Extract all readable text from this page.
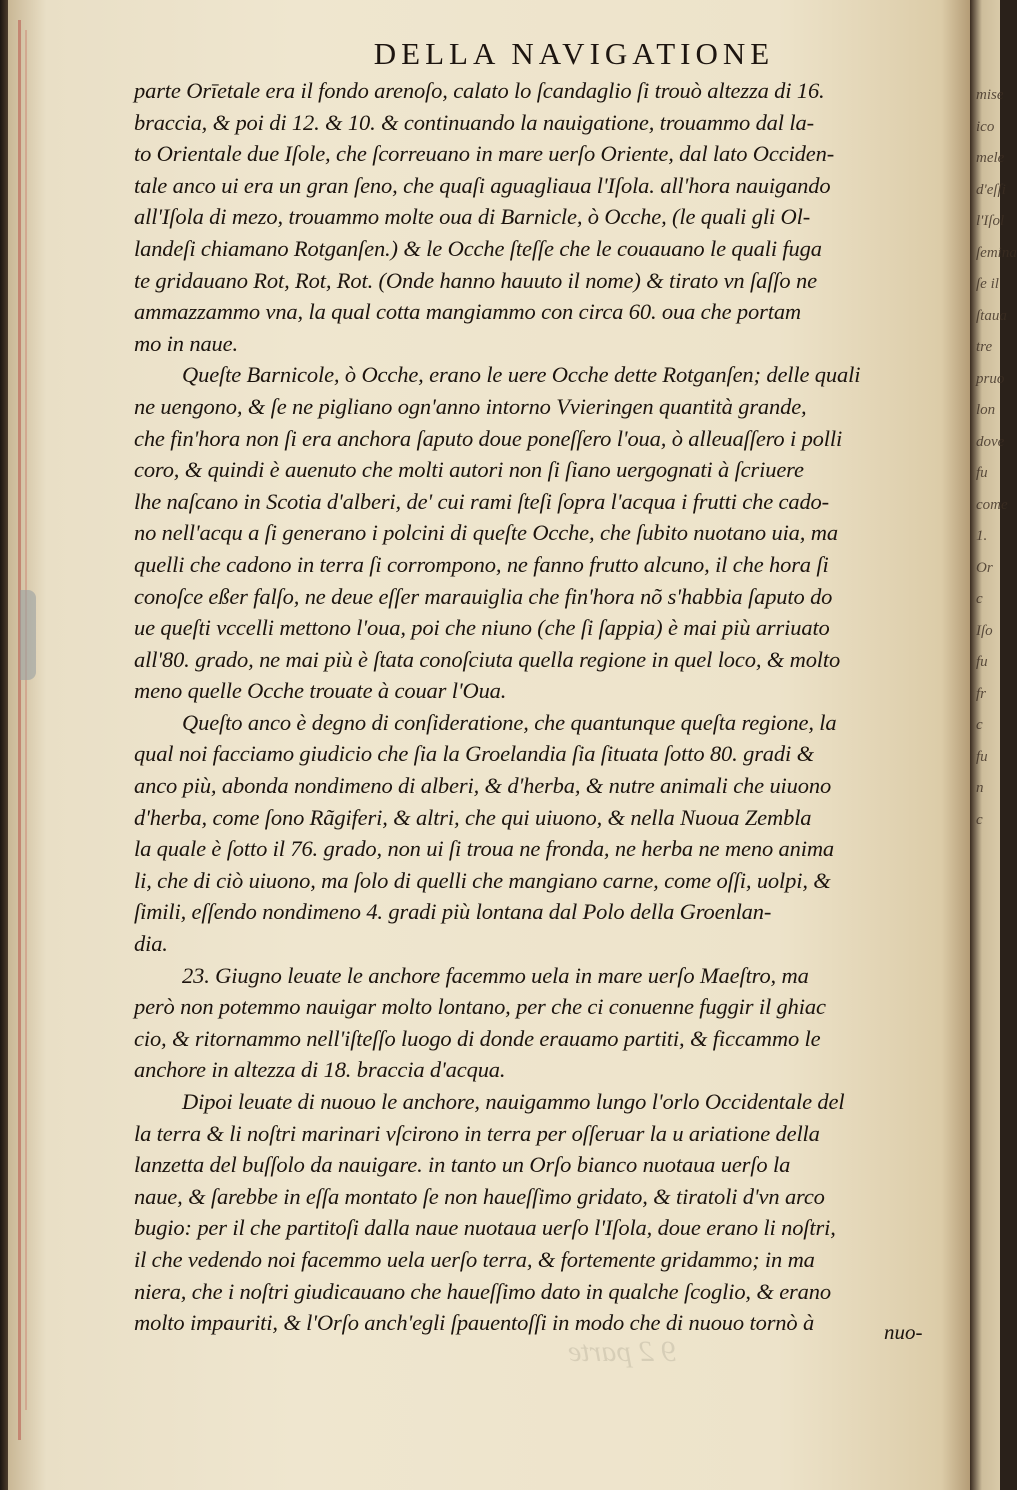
DELLA NAVIGATIONE
parte Orīetale era il fondo arenoſo, calato lo ſcandaglio ſi trouò altezza di 16.
braccia, & poi di 12. & 10. & continuando la nauigatione, trouammo dal la-
to Orientale due Iſole, che ſcorreuano in mare uerſo Oriente, dal lato Occiden-
tale anco ui era un gran ſeno, che quaſi aguagliaua l'Iſola. all'hora nauigando
all'Iſola di mezo, trouammo molte oua di Barnicle, ò Ocche, (le quali gli Ol-
landeſi chiamano Rotganſen.) & le Ocche ſteſſe che le couauano le quali fuga
te gridauano Rot, Rot, Rot. (Onde hanno hauuto il nome) & tirato vn ſaſſo ne
ammazzammo vna, la qual cotta mangiammo con circa 60. oua che portam
mo in naue.
Queſte Barnicole, ò Ocche, erano le uere Ocche dette Rotganſen; delle quali
ne uengono, & ſe ne pigliano ogn'anno intorno Vvieringen quantità grande,
che fin'hora non ſi era anchora ſaputo doue poneſſero l'oua, ò alleuaſſero i polli
coro, & quindi è auenuto che molti autori non ſi ſiano uergognati à ſcriuere
lhe naſcano in Scotia d'alberi, de' cui rami ſteſi ſopra l'acqua i frutti che cado-
no nell'acqu a ſi generano i polcini di queſte Ocche, che ſubito nuotano uia, ma
quelli che cadono in terra ſi corrompono, ne fanno frutto alcuno, il che hora ſi
conoſce eßer falſo, ne deue eſſer marauiglia che fin'hora nõ s'habbia ſaputo do
ue queſti vccelli mettono l'oua, poi che niuno (che ſi ſappia) è mai più arriuato
all'80. grado, ne mai più è ſtata conoſciuta quella regione in quel loco, & molto
meno quelle Ocche trouate à couar l'Oua.
Queſto anco è degno di conſideratione, che quantunque queſta regione, la
qual noi facciamo giudicio che ſia la Groelandia ſia ſituata ſotto 80. gradi &
anco più, abonda nondimeno di alberi, & d'herba, & nutre animali che uiuono
d'herba, come ſono Rãgiferi, & altri, che qui uiuono, & nella Nuoua Zembla
la quale è ſotto il 76. grado, non ui ſi troua ne fronda, ne herba ne meno anima
li, che di ciò uiuono, ma ſolo di quelli che mangiano carne, come oſſi, uolpi, &
ſimili, eſſendo nondimeno 4. gradi più lontana dal Polo della Groenlan-
dia.
23. Giugno leuate le anchore facemmo uela in mare uerſo Maeſtro, ma
però non potemmo nauigar molto lontano, per che ci conuenne fuggir il ghiac
cio, & ritornammo nell'iſteſſo luogo di donde erauamo partiti, & ficcammo le
anchore in altezza di 18. braccia d'acqua.
Dipoi leuate di nuouo le anchore, nauigammo lungo l'orlo Occidentale del
la terra & li noſtri marinari vſcirono in terra per oſſeruar la u ariatione della
lanzetta del buſſolo da nauigare. in tanto un Orſo bianco nuotaua uerſo la
naue, & ſarebbe in eſſa montato ſe non haueſſimo gridato, & tiratoli d'vn arco
bugio: per il che partitoſi dalla naue nuotaua uerſo l'Iſola, doue erano li noſtri,
il che vedendo noi facemmo uela uerſo terra, & fortemente gridammo; in ma
niera, che i noſtri giudicauano che haueſſimo dato in qualche ſcoglio, & erano
molto impauriti, & l'Orſo anch'egli ſpauentoſſi in modo che di nuouo tornò à	nuo-
9 2 parte
mise
ico
mele
d'eſſi
l'Iſol
ſemina
ſe il
ſtaua
tre
pruo
lon
dove
fu
come
1.
Or
c
Iſo
fu
fr
c
fu
n
c
